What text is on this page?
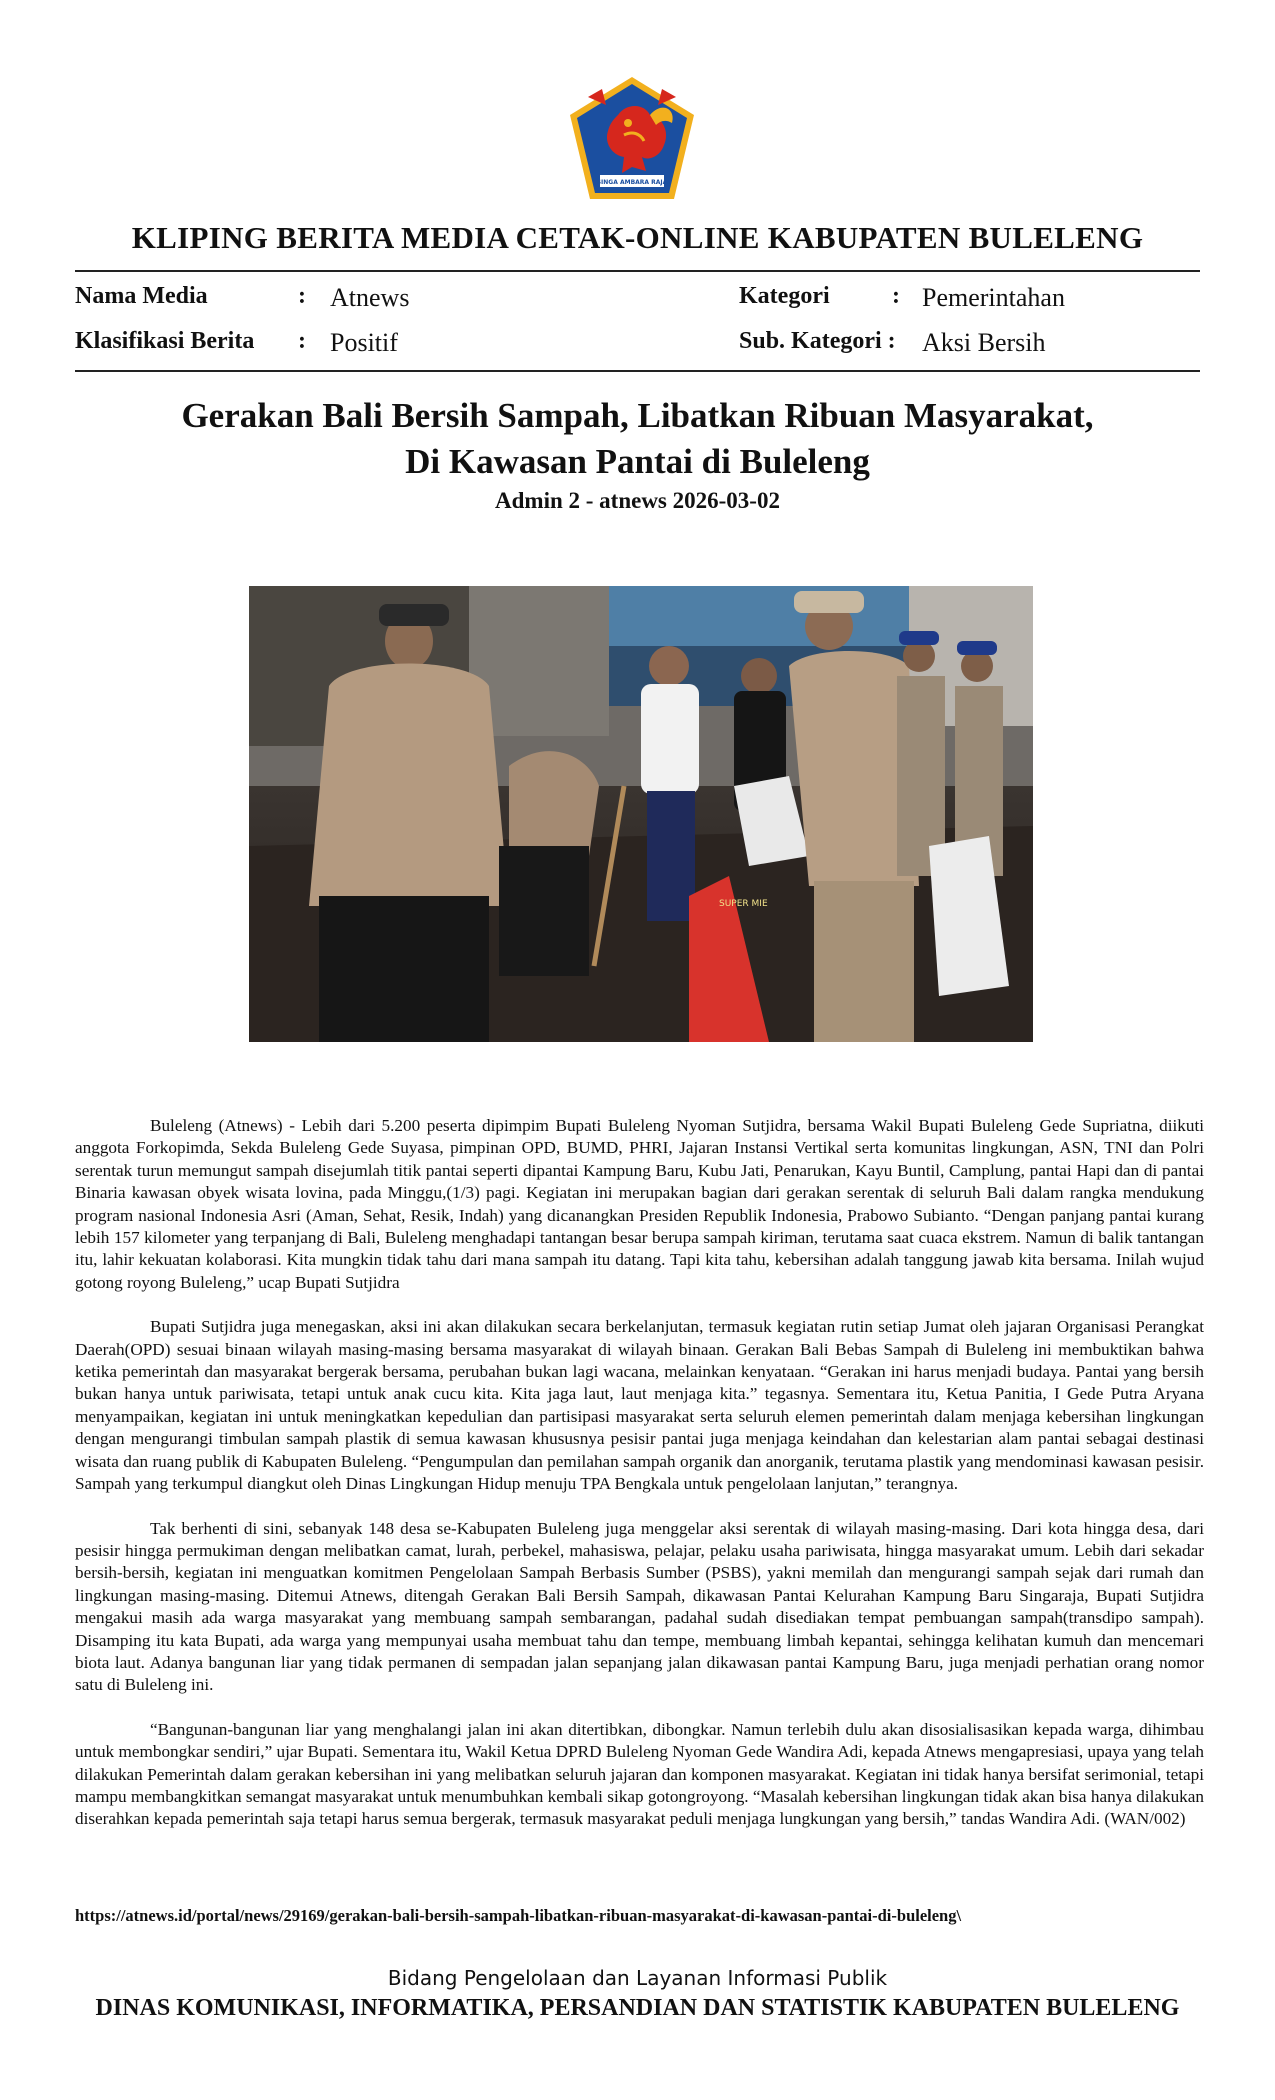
SINGA AMBARA RAJA
KLIPING BERITA MEDIA CETAK-ONLINE KABUPATEN BULELENG
Nama Media	: Atnews	Kategori	: Pemerintahan
Klasifikasi Berita : Positif	Sub. Kategori : Aksi Bersih
Gerakan Bali Bersih Sampah, Libatkan Ribuan Masyarakat,
Di Kawasan Pantai di Buleleng
Admin 2 - atnews 2026-03-02
SUPER MIE

Buleleng (Atnews) - Lebih dari 5.200 peserta dipimpim Bupati Buleleng Nyoman Sutjidra, bersama Wakil Bupati Buleleng Gede Supriatna, diikuti anggota Forkopimda, Sekda Buleleng Gede Suyasa, pimpinan OPD, BUMD, PHRI, Jajaran Instansi Vertikal serta komunitas lingkungan, ASN, TNI dan Polri serentak turun memungut sampah disejumlah titik pantai seperti dipantai Kampung Baru, Kubu Jati, Penarukan, Kayu Buntil, Camplung, pantai Hapi dan di pantai Binaria kawasan obyek wisata lovina, pada Minggu,(1/3) pagi. Kegiatan ini merupakan bagian dari gerakan serentak di seluruh Bali dalam rangka mendukung program nasional Indonesia Asri (Aman, Sehat, Resik, Indah) yang dicanangkan Presiden Republik Indonesia, Prabowo Subianto. “Dengan panjang pantai kurang lebih 157 kilometer yang terpanjang di Bali, Buleleng menghadapi tantangan besar berupa sampah kiriman, terutama saat cuaca ekstrem. Namun di balik tantangan itu, lahir kekuatan kolaborasi. Kita mungkin tidak tahu dari mana sampah itu datang. Tapi kita tahu, kebersihan adalah tanggung jawab kita bersama. Inilah wujud gotong royong Buleleng,” ucap Bupati Sutjidra

Bupati Sutjidra juga menegaskan, aksi ini akan dilakukan secara berkelanjutan, termasuk kegiatan rutin setiap Jumat oleh jajaran Organisasi Perangkat Daerah(OPD) sesuai binaan wilayah masing-masing bersama masyarakat di wilayah binaan. Gerakan Bali Bebas Sampah di Buleleng ini membuktikan bahwa ketika pemerintah dan masyarakat bergerak bersama, perubahan bukan lagi wacana, melainkan kenyataan. “Gerakan ini harus menjadi budaya. Pantai yang bersih bukan hanya untuk pariwisata, tetapi untuk anak cucu kita. Kita jaga laut, laut menjaga kita.” tegasnya. Sementara itu, Ketua Panitia, I Gede Putra Aryana menyampaikan, kegiatan ini untuk meningkatkan kepedulian dan partisipasi masyarakat serta seluruh elemen pemerintah dalam menjaga kebersihan lingkungan dengan mengurangi timbulan sampah plastik di semua kawasan khususnya pesisir pantai juga menjaga keindahan dan kelestarian alam pantai sebagai destinasi wisata dan ruang publik di Kabupaten Buleleng. “Pengumpulan dan pemilahan sampah organik dan anorganik, terutama plastik yang mendominasi kawasan pesisir. Sampah yang terkumpul diangkut oleh Dinas Lingkungan Hidup menuju TPA Bengkala untuk pengelolaan lanjutan,” terangnya.

Tak berhenti di sini, sebanyak 148 desa se-Kabupaten Buleleng juga menggelar aksi serentak di wilayah masing-masing. Dari kota hingga desa, dari pesisir hingga permukiman dengan melibatkan camat, lurah, perbekel, mahasiswa, pelajar, pelaku usaha pariwisata, hingga masyarakat umum. Lebih dari sekadar bersih-bersih, kegiatan ini menguatkan komitmen Pengelolaan Sampah Berbasis Sumber (PSBS), yakni memilah dan mengurangi sampah sejak dari rumah dan lingkungan masing-masing. Ditemui Atnews, ditengah Gerakan Bali Bersih Sampah, dikawasan Pantai Kelurahan Kampung Baru Singaraja, Bupati Sutjidra mengakui masih ada warga masyarakat yang membuang sampah sembarangan, padahal sudah disediakan tempat pembuangan sampah(transdipo sampah). Disamping itu kata Bupati, ada warga yang mempunyai usaha membuat tahu dan tempe, membuang limbah kepantai, sehingga kelihatan kumuh dan mencemari biota laut. Adanya bangunan liar yang tidak permanen di sempadan jalan sepanjang jalan dikawasan pantai Kampung Baru, juga menjadi perhatian orang nomor satu di Buleleng ini.

“Bangunan-bangunan liar yang menghalangi jalan ini akan ditertibkan, dibongkar. Namun terlebih dulu akan disosialisasikan kepada warga, dihimbau untuk membongkar sendiri,” ujar Bupati. Sementara itu, Wakil Ketua DPRD Buleleng Nyoman Gede Wandira Adi, kepada Atnews mengapresiasi, upaya yang telah dilakukan Pemerintah dalam gerakan kebersihan ini yang melibatkan seluruh jajaran dan komponen masyarakat. Kegiatan ini tidak hanya bersifat serimonial, tetapi mampu membangkitkan semangat masyarakat untuk menumbuhkan kembali sikap gotongroyong. “Masalah kebersihan lingkungan tidak akan bisa hanya dilakukan diserahkan kepada pemerintah saja tetapi harus semua bergerak, termasuk masyarakat peduli menjaga lungkungan yang bersih,” tandas Wandira Adi. (WAN/002)

https://atnews.id/portal/news/29169/gerakan-bali-bersih-sampah-libatkan-ribuan-masyarakat-di-kawasan-pantai-di-buleleng\
Bidang Pengelolaan dan Layanan Informasi Publik
DINAS KOMUNIKASI, INFORMATIKA, PERSANDIAN DAN STATISTIK KABUPATEN BULELENG
